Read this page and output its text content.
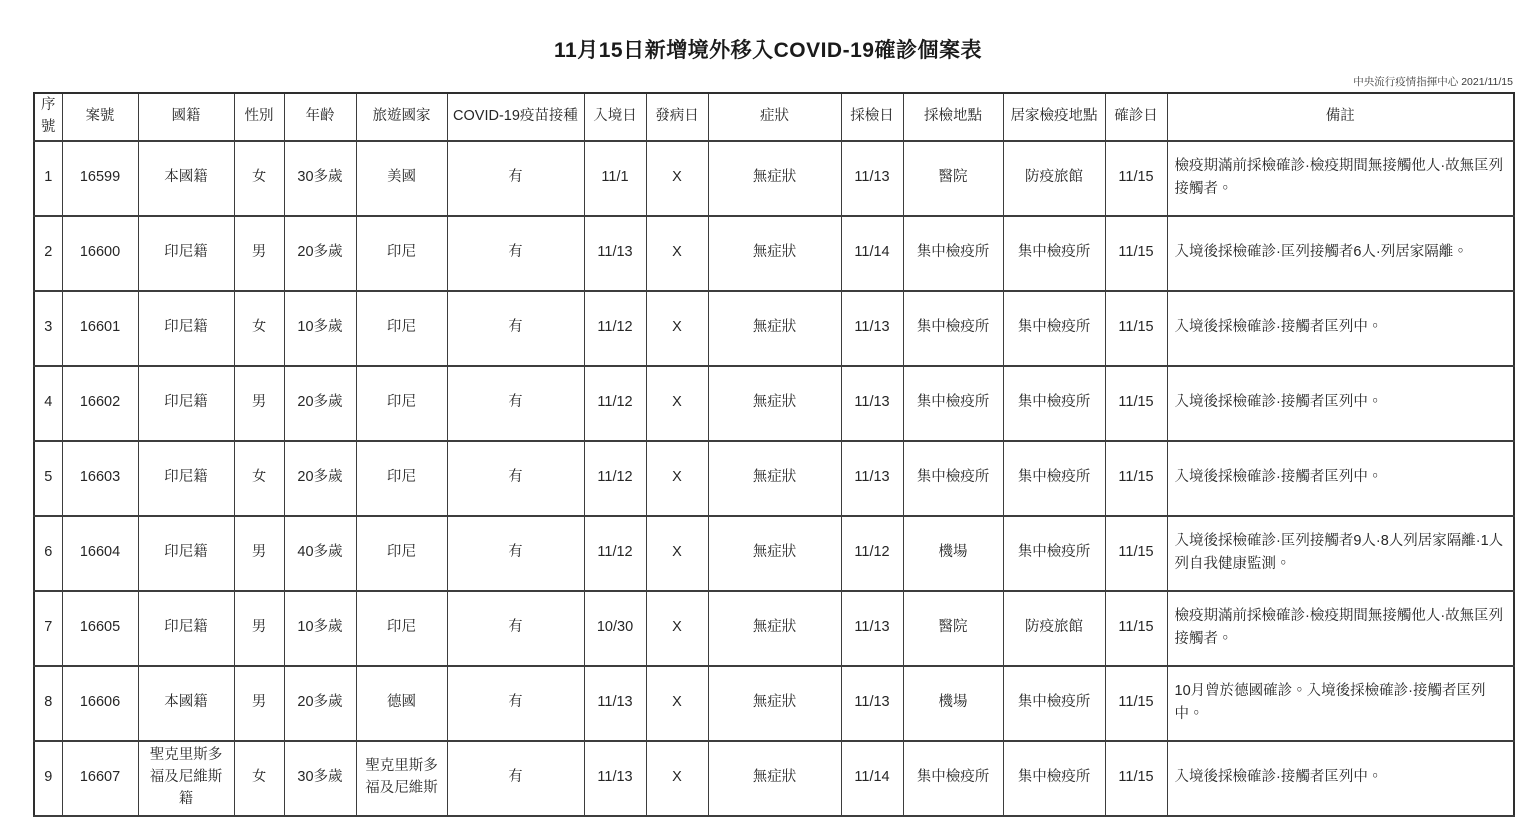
11月15日新增境外移入COVID-19確診個案表
中央流行疫情指揮中心 2021/11/15
序號	案號	國籍	性別	年齡	旅遊國家	COVID-19疫苗接種	入境日	發病日	症狀	採檢日	採檢地點	居家檢疫地點	確診日	備註
1	16599	本國籍	女	30多歲	美國	有	11/1	X	無症狀	11/13	醫院	防疫旅館	11/15	檢疫期滿前採檢確診·檢疫期間無接觸他人·故無匡列接觸者。
2	16600	印尼籍	男	20多歲	印尼	有	11/13	X	無症狀	11/14	集中檢疫所	集中檢疫所	11/15	入境後採檢確診·匡列接觸者6人·列居家隔離。
3	16601	印尼籍	女	10多歲	印尼	有	11/12	X	無症狀	11/13	集中檢疫所	集中檢疫所	11/15	入境後採檢確診·接觸者匡列中。
4	16602	印尼籍	男	20多歲	印尼	有	11/12	X	無症狀	11/13	集中檢疫所	集中檢疫所	11/15	入境後採檢確診·接觸者匡列中。
5	16603	印尼籍	女	20多歲	印尼	有	11/12	X	無症狀	11/13	集中檢疫所	集中檢疫所	11/15	入境後採檢確診·接觸者匡列中。
6	16604	印尼籍	男	40多歲	印尼	有	11/12	X	無症狀	11/12	機場	集中檢疫所	11/15	入境後採檢確診·匡列接觸者9人·8人列居家隔離·1人列自我健康監測。
7	16605	印尼籍	男	10多歲	印尼	有	10/30	X	無症狀	11/13	醫院	防疫旅館	11/15	檢疫期滿前採檢確診·檢疫期間無接觸他人·故無匡列接觸者。
8	16606	本國籍	男	20多歲	德國	有	11/13	X	無症狀	11/13	機場	集中檢疫所	11/15	10月曾於德國確診。入境後採檢確診·接觸者匡列中。
9	16607	聖克里斯多福及尼維斯籍	女	30多歲	聖克里斯多福及尼維斯	有	11/13	X	無症狀	11/14	集中檢疫所	集中檢疫所	11/15	入境後採檢確診·接觸者匡列中。
